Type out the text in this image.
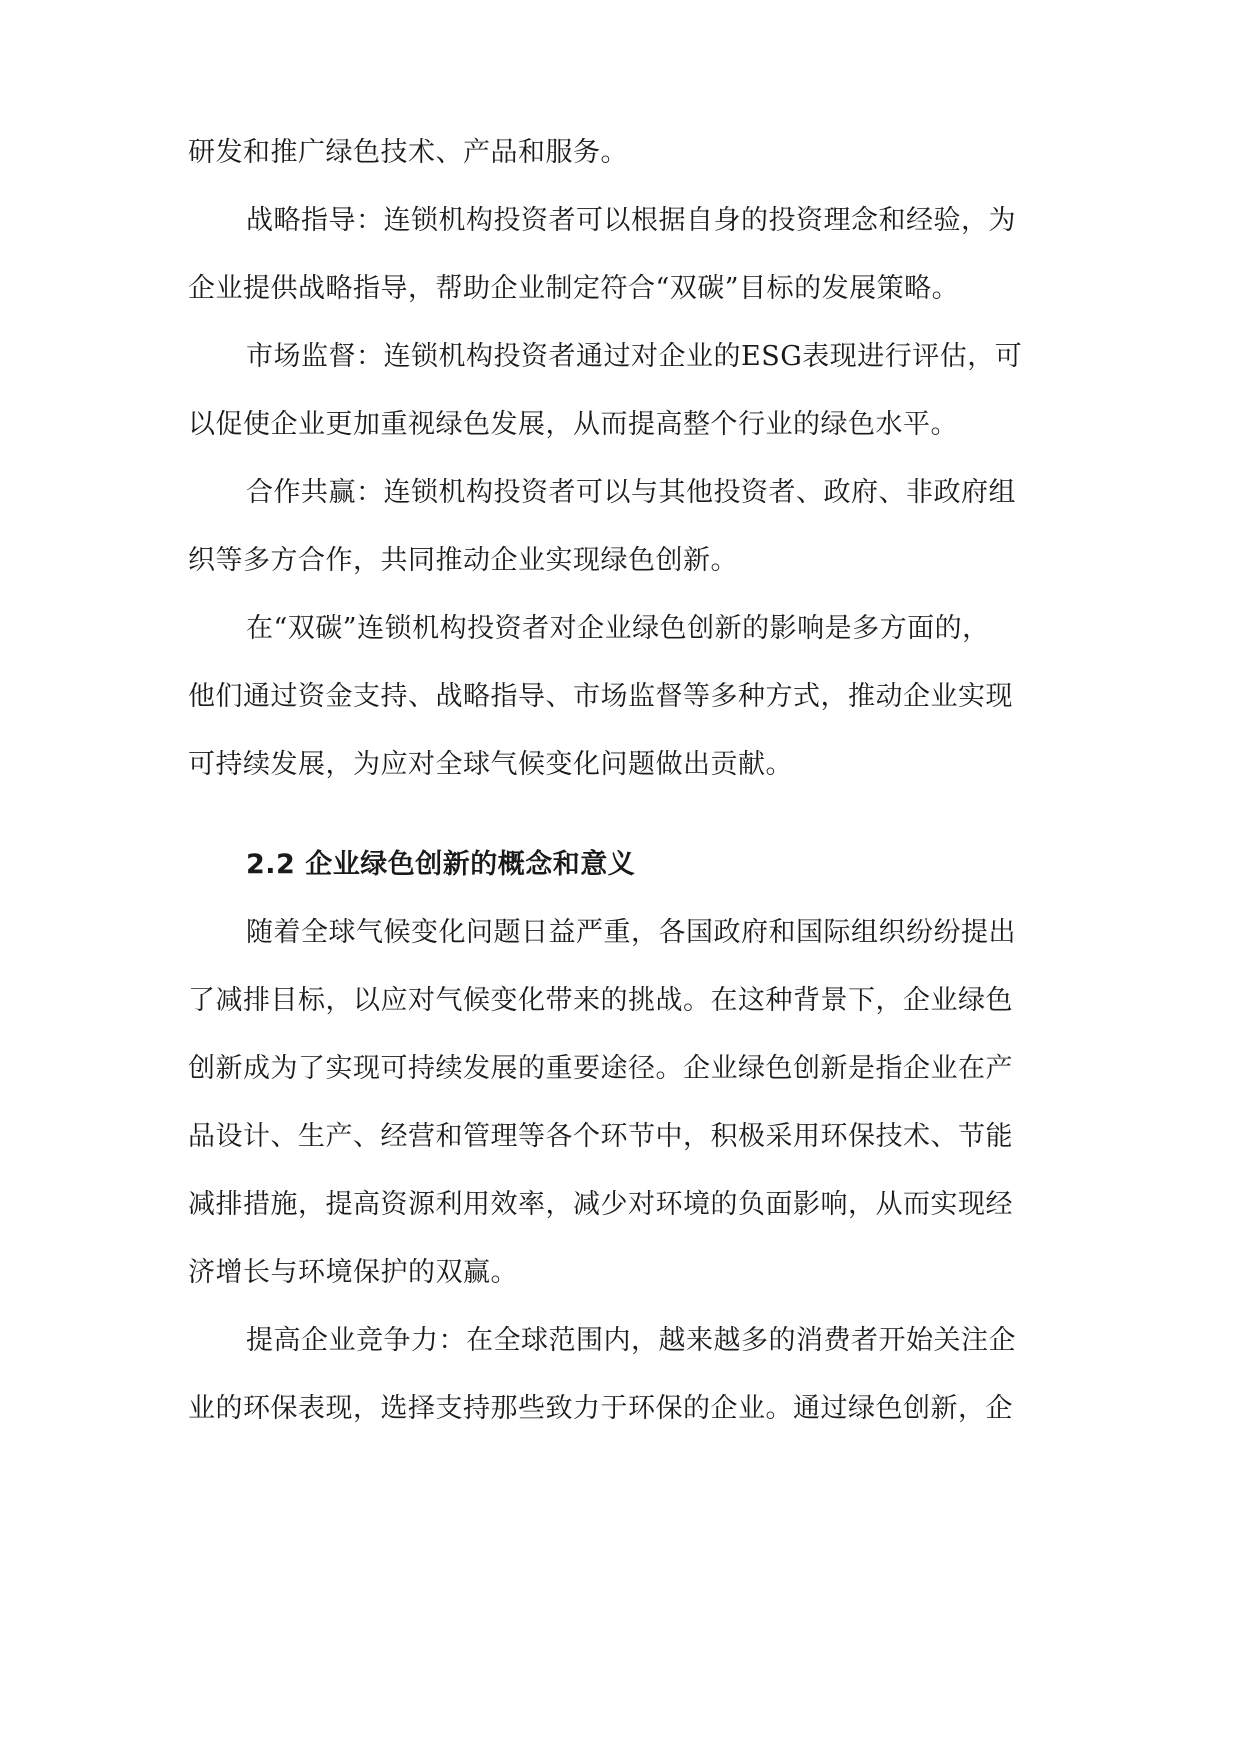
研发和推广绿色技术、产品和服务。
战略指导：连锁机构投资者可以根据自身的投资理念和经验，为
企业提供战略指导，帮助企业制定符合“双碳”目标的发展策略。
市场监督：连锁机构投资者通过对企业的ESG表现进行评估，可
以促使企业更加重视绿色发展，从而提高整个行业的绿色水平。
合作共赢：连锁机构投资者可以与其他投资者、政府、非政府组
织等多方合作，共同推动企业实现绿色创新。
在“双碳”连锁机构投资者对企业绿色创新的影响是多方面的，
他们通过资金支持、战略指导、市场监督等多种方式，推动企业实现
可持续发展，为应对全球气候变化问题做出贡献。
2.2 企业绿色创新的概念和意义
随着全球气候变化问题日益严重，各国政府和国际组织纷纷提出
了减排目标，以应对气候变化带来的挑战。在这种背景下，企业绿色
创新成为了实现可持续发展的重要途径。企业绿色创新是指企业在产
品设计、生产、经营和管理等各个环节中，积极采用环保技术、节能
减排措施，提高资源利用效率，减少对环境的负面影响，从而实现经
济增长与环境保护的双赢。
提高企业竞争力：在全球范围内，越来越多的消费者开始关注企
业的环保表现，选择支持那些致力于环保的企业。通过绿色创新，企
